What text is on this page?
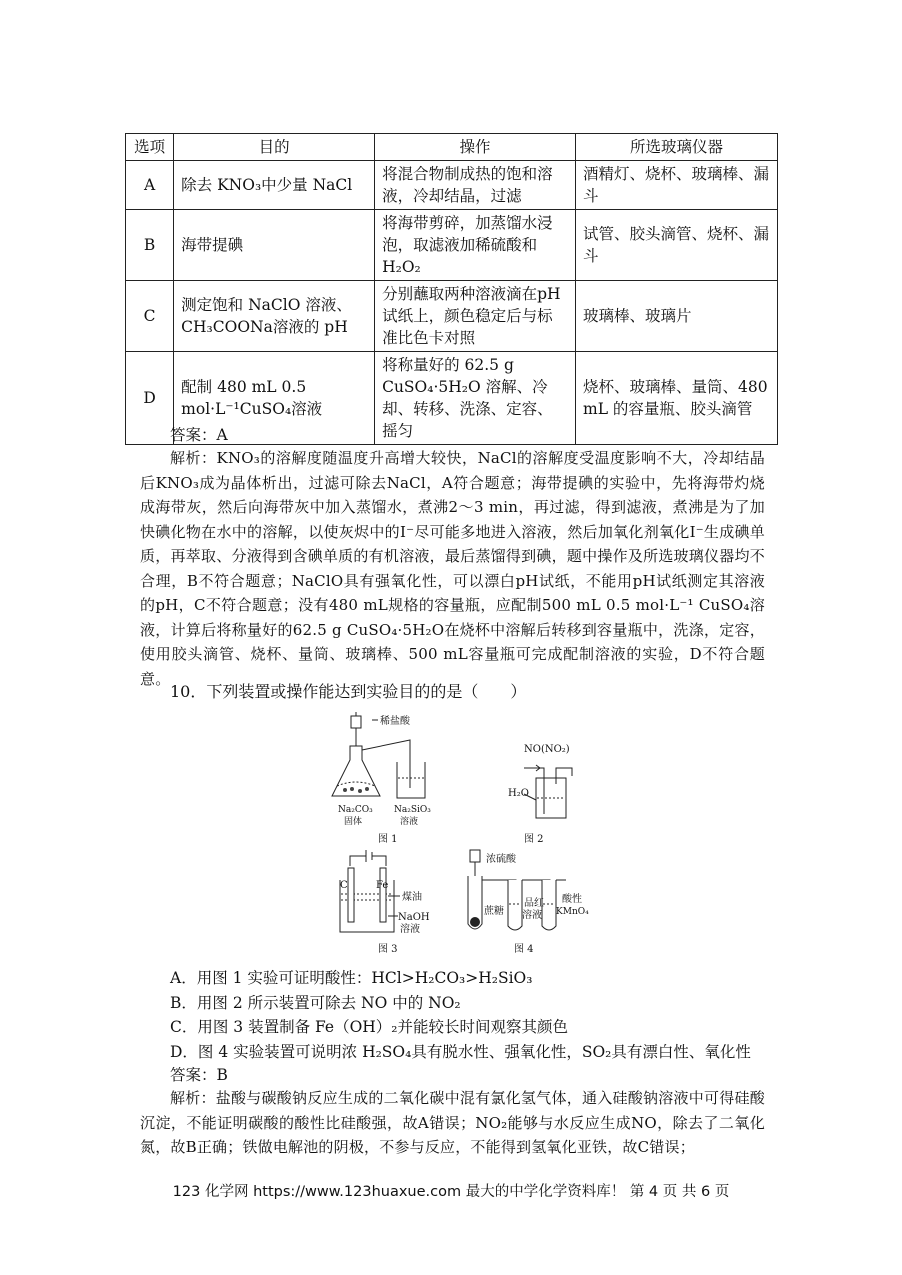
选项	目的	操作	所选玻璃仪器
A	除去 KNO₃中少量 NaCl	将混合物制成热的饱和溶液，冷却结晶，过滤	酒精灯、烧杯、玻璃棒、漏斗
B	海带提碘	将海带剪碎，加蒸馏水浸泡，取滤液加稀硫酸和 H₂O₂	试管、胶头滴管、烧杯、漏斗
C	测定饱和 NaClO 溶液、CH₃COONa溶液的 pH	分别蘸取两种溶液滴在pH试纸上，颜色稳定后与标准比色卡对照	玻璃棒、玻璃片
D	配制 480 mL 0.5 mol·L⁻¹CuSO₄溶液	将称量好的 62.5 g CuSO₄·5H₂O 溶解、冷却、转移、洗涤、定容、摇匀	烧杯、玻璃棒、量筒、480 mL 的容量瓶、胶头滴管
答案：A
解析：KNO₃的溶解度随温度升高增大较快，NaCl的溶解度受温度影响不大，冷却结晶后KNO₃成为晶体析出，过滤可除去NaCl，A符合题意；海带提碘的实验中，先将海带灼烧成海带灰，然后向海带灰中加入蒸馏水，煮沸2～3 min，再过滤，得到滤液，煮沸是为了加快碘化物在水中的溶解，以使灰烬中的I⁻尽可能多地进入溶液，然后加氧化剂氧化I⁻生成碘单质，再萃取、分液得到含碘单质的有机溶液，最后蒸馏得到碘，题中操作及所选玻璃仪器均不合理，B不符合题意；NaClO具有强氧化性，可以漂白pH试纸，不能用pH试纸测定其溶液的pH，C不符合题意；没有480 mL规格的容量瓶，应配制500 mL 0.5 mol·L⁻¹ CuSO₄溶液，计算后将称量好的62.5 g CuSO₄·5H₂O在烧杯中溶解后转移到容量瓶中，洗涤，定容，使用胶头滴管、烧杯、量筒、玻璃棒、500 mL容量瓶可完成配制溶液的实验，D不符合题意。
10．下列装置或操作能达到实验目的的是（　　）
稀盐酸
Na₂CO₃
固体
Na₂SiO₃
溶液
图 1
NO(NO₂)
H₂O
图 2
C	Fe
煤油
NaOH
溶液
图 3
浓硫酸
蔗糖
品红
溶液
酸性
KMnO₄
图 4
A．用图 1 实验可证明酸性：HCl>H₂CO₃>H₂SiO₃
B．用图 2 所示装置可除去 NO 中的 NO₂
C．用图 3 装置制备 Fe（OH）₂并能较长时间观察其颜色
D．图 4 实验装置可说明浓 H₂SO₄具有脱水性、强氧化性，SO₂具有漂白性、氧化性
答案：B
解析：盐酸与碳酸钠反应生成的二氧化碳中混有氯化氢气体，通入硅酸钠溶液中可得硅酸沉淀，不能证明碳酸的酸性比硅酸强，故A错误；NO₂能够与水反应生成NO，除去了二氧化氮，故B正确；铁做电解池的阴极，不参与反应，不能得到氢氧化亚铁，故C错误；
123 化学网 https://www.123huaxue.com 最大的中学化学资料库！ 第 4 页 共 6 页
